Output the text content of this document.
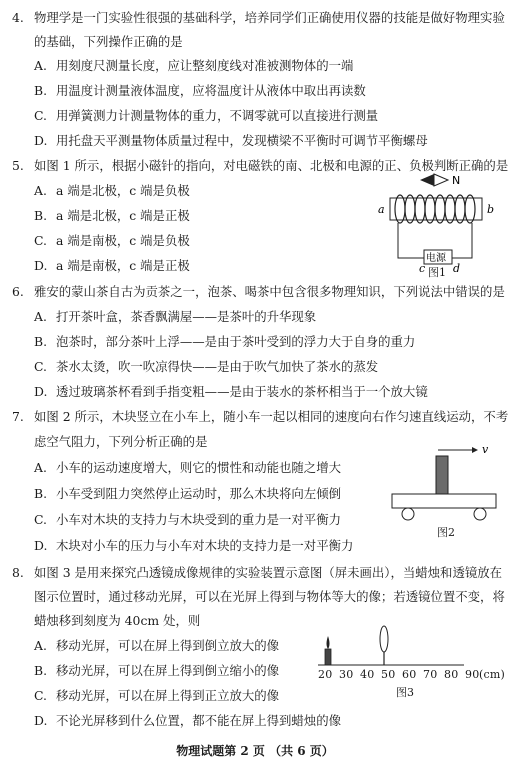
4. 物理学是一门实验性很强的基础科学，培养同学们正确使用仪器的技能是做好物理实验
的基础，下列操作正确的是
A. 用刻度尺测量长度，应让整刻度线对准被测物体的一端
B. 用温度计测量液体温度，应将温度计从液体中取出再读数
C. 用弹簧测力计测量物体的重力，不调零就可以直接进行测量
D. 用托盘天平测量物体质量过程中，发现横梁不平衡时可调节平衡螺母
5. 如图 1 所示，根据小磁针的指向，对电磁铁的南、北极和电源的正、负极判断正确的是
A. a 端是北极，c 端是负极
B. a 端是北极，c 端是正极
C. a 端是南极，c 端是负极
D. a 端是南极，c 端是正极
N
a	b
电源
c	d
图1
6. 雅安的蒙山茶自古为贡茶之一，泡茶、喝茶中包含很多物理知识，下列说法中错误的是
A. 打开茶叶盒，茶香飘满屋——是茶叶的升华现象
B. 泡茶时，部分茶叶上浮——是由于茶叶受到的浮力大于自身的重力
C. 茶水太烫，吹一吹凉得快——是由于吹气加快了茶水的蒸发
D. 透过玻璃茶杯看到手指变粗——是由于装水的茶杯相当于一个放大镜
7. 如图 2 所示，木块竖立在小车上，随小车一起以相同的速度向右作匀速直线运动，不考
虑空气阻力，下列分析正确的是
A. 小车的运动速度增大，则它的惯性和动能也随之增大
B. 小车受到阻力突然停止运动时，那么木块将向左倾倒
C. 小车对木块的支持力与木块受到的重力是一对平衡力
D. 木块对小车的压力与小车对木块的支持力是一对平衡力
v
图2
8. 如图 3 是用来探究凸透镜成像规律的实验装置示意图（屏未画出），当蜡烛和透镜放在
图示位置时，通过移动光屏，可以在光屏上得到与物体等大的像；若透镜位置不变，将
蜡烛移到刻度为 40cm 处，则
A. 移动光屏，可以在屏上得到倒立放大的像
B. 移动光屏，可以在屏上得到倒立缩小的像
C. 移动光屏，可以在屏上得到正立放大的像
D. 不论光屏移到什么位置，都不能在屏上得到蜡烛的像
20 30 40 50 60 70 80 90(cm)
图3
物理试题第 2 页 （共 6 页）
